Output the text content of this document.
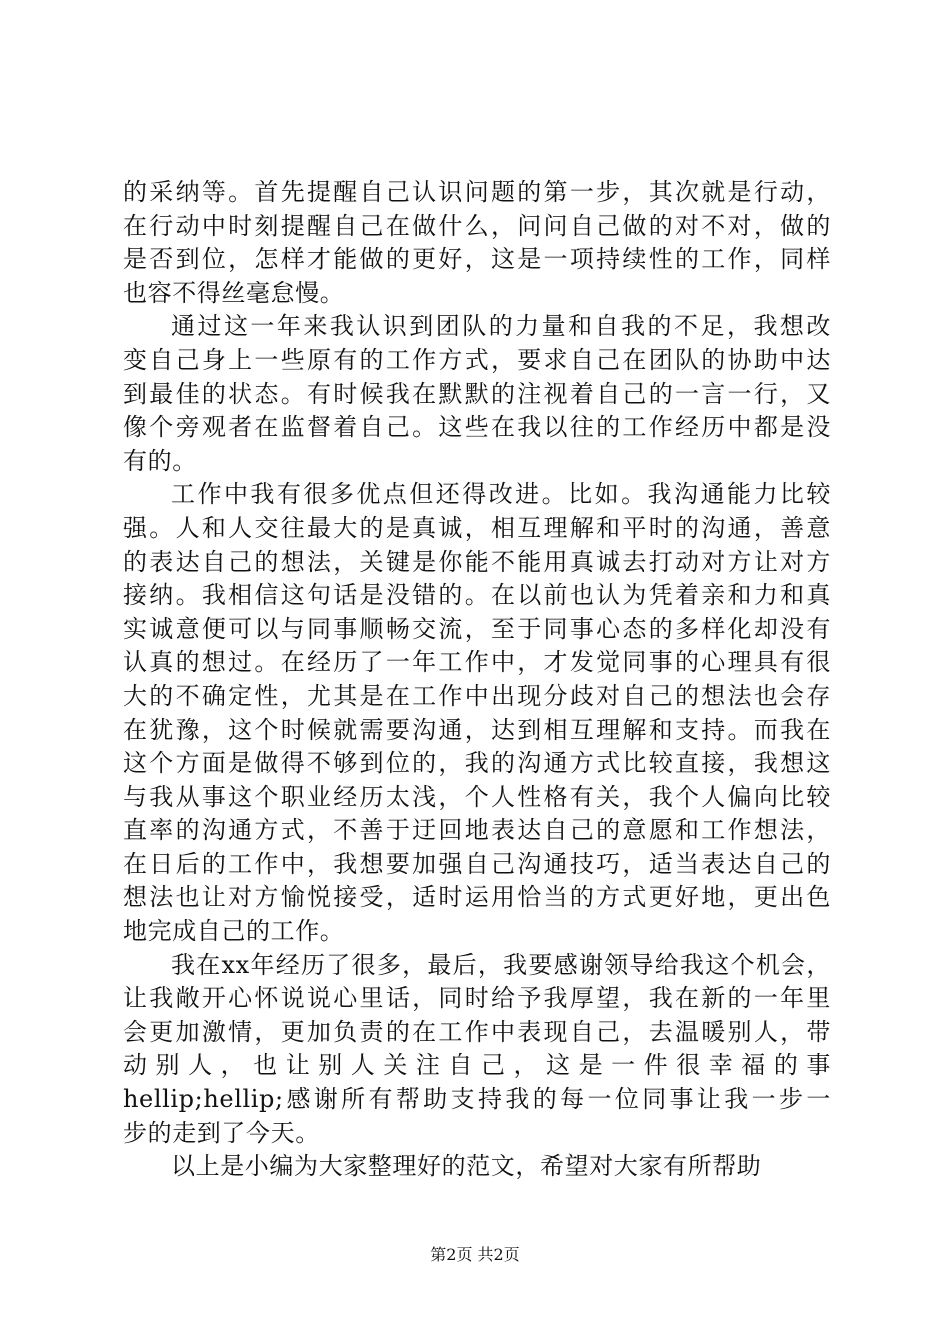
的采纳等。首先提醒自己认识问题的第一步，其次就是行动，
在行动中时刻提醒自己在做什么，问问自己做的对不对，做的
是否到位，怎样才能做的更好，这是一项持续性的工作，同样
也容不得丝毫怠慢。
通过这一年来我认识到团队的力量和自我的不足，我想改
变自己身上一些原有的工作方式，要求自己在团队的协助中达
到最佳的状态。有时候我在默默的注视着自己的一言一行，又
像个旁观者在监督着自己。这些在我以往的工作经历中都是没
有的。
工作中我有很多优点但还得改进。比如。我沟通能力比较
强。人和人交往最大的是真诚，相互理解和平时的沟通，善意
的表达自己的想法，关键是你能不能用真诚去打动对方让对方
接纳。我相信这句话是没错的。在以前也认为凭着亲和力和真
实诚意便可以与同事顺畅交流，至于同事心态的多样化却没有
认真的想过。在经历了一年工作中，才发觉同事的心理具有很
大的不确定性，尤其是在工作中出现分歧对自己的想法也会存
在犹豫，这个时候就需要沟通，达到相互理解和支持。而我在
这个方面是做得不够到位的，我的沟通方式比较直接，我想这
与我从事这个职业经历太浅，个人性格有关，我个人偏向比较
直率的沟通方式，不善于迂回地表达自己的意愿和工作想法，
在日后的工作中，我想要加强自己沟通技巧，适当表达自己的
想法也让对方愉悦接受，适时运用恰当的方式更好地，更出色
地完成自己的工作。
我在xx年经历了很多，最后，我要感谢领导给我这个机会，
让我敞开心怀说说心里话，同时给予我厚望，我在新的一年里
会更加激情，更加负责的在工作中表现自己，去温暖别人，带
动别人，也让别人关注自己，这是一件很幸福的事
hellip;hellip;感谢所有帮助支持我的每一位同事让我一步一
步的走到了今天。
以上是小编为大家整理好的范文，希望对大家有所帮助
第2页 共2页
